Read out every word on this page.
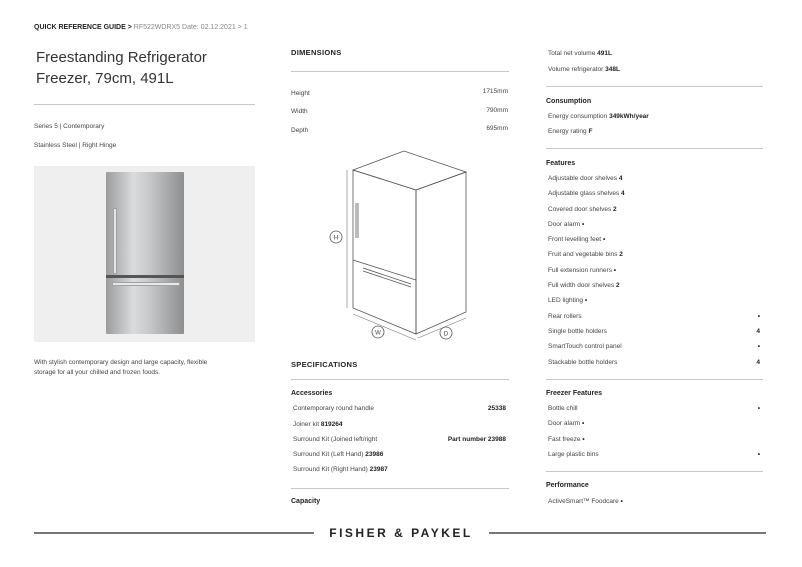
QUICK REFERENCE GUIDE > RF522WDRX5 Date: 02.12.2021 > 1
Freestanding Refrigerator
Freezer, 79cm, 491L
Series 5 | Contemporary
Stainless Steel | Right Hinge
With stylish contemporary design and large capacity, flexible
storage for all your chilled and frozen foods.
DIMENSIONS
Height	1715mm
Width	790mm
Depth	695mm
H
W	D
SPECIFICATIONS
Accessories
Contemporary round handle	25338
Joiner kit 819264
Surround Kit (Joined left/right	Part number 23988
Surround Kit (Left Hand) 23986
Surround Kit (Right Hand) 23987
Capacity
Total net volume 491L
Volume refrigerator 348L
Consumption
Energy consumption 349kWh/year
Energy rating F
Features
Adjustable door shelves 4
Adjustable glass shelves 4
Covered door shelves 2
Door alarm •
Front levelling feet •
Fruit and vegetable bins 2
Full extension runners •
Full width door shelves 2
LED lighting •
Rear rollers	•
Single bottle holders	4
SmartTouch control panel	•
Stackable bottle holders	4
Freezer Features
Bottle chill	•
Door alarm •
Fast freeze •
Large plastic bins	•
Performance
ActiveSmart™ Foodcare •
FISHER & PAYKEL
